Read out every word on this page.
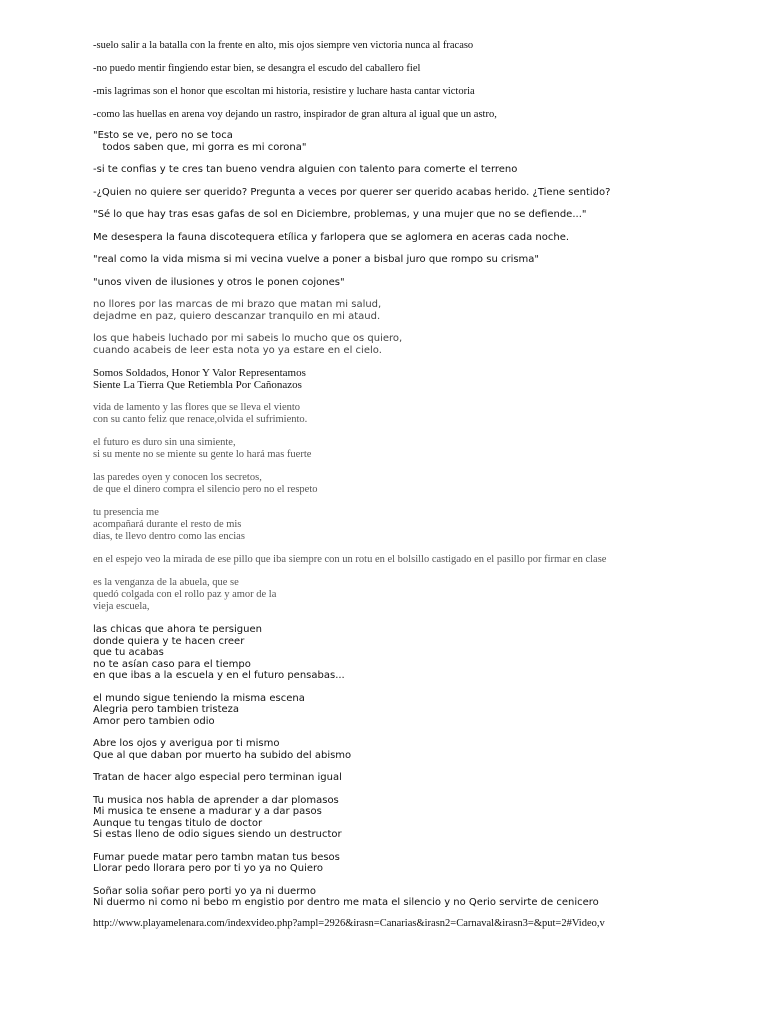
-suelo salir a la batalla con la frente en alto, mis ojos siempre ven victoria nunca al fracaso

-no puedo mentir fingiendo estar bien, se desangra el escudo del caballero fiel

-mis lagrimas son el honor que escoltan mi historia, resistire y luchare hasta cantar victoria

-como las huellas en arena voy dejando un rastro, inspirador de gran altura al igual que un astro,

"Esto se ve, pero no se toca
todos saben que, mi gorra es mi corona"

-si te confias y te cres tan bueno vendra alguien con talento para comerte el terreno

-¿Quien no quiere ser querido? Pregunta a veces por querer ser querido acabas herido. ¿Tiene sentido?

"Sé lo que hay tras esas gafas de sol en Diciembre, problemas, y una mujer que no se defiende..."

Me desespera la fauna discotequera etílica y farlopera que se aglomera en aceras cada noche.

"real como la vida misma si mi vecina vuelve a poner a bisbal juro que rompo su crisma"

"unos viven de ilusiones y otros le ponen cojones"

no llores por las marcas de mi brazo que matan mi salud,
dejadme en paz, quiero descanzar tranquilo en mi ataud.

los que habeis luchado por mi sabeis lo mucho que os quiero,
cuando acabeis de leer esta nota yo ya estare en el cielo.

Somos Soldados, Honor Y Valor Representamos
Siente La Tierra Que Retiembla Por Cañonazos

vida de lamento y las flores que se lleva el viento
con su canto feliz que renace,olvida el sufrimiento.

el futuro es duro sin una simiente,
si su mente no se miente su gente lo hará mas fuerte

las paredes oyen y conocen los secretos,
de que el dinero compra el silencio pero no el respeto

tu presencia me
acompañará durante el resto de mis
dias, te llevo dentro como las encias

en el espejo veo la mirada de ese pillo que iba siempre con un rotu en el bolsillo castigado en el pasillo por firmar en clase

es la venganza de la abuela, que se
quedó colgada con el rollo paz y amor de la
vieja escuela,

las chicas que ahora te persiguen
donde quiera y te hacen creer
que tu acabas
no te asían caso para el tiempo
en que ibas a la escuela y en el futuro pensabas...

el mundo sigue teniendo la misma escena
Alegria pero tambien tristeza
Amor pero tambien odio

Abre los ojos y averigua por ti mismo
Que al que daban por muerto ha subido del abismo

Tratan de hacer algo especial pero terminan igual

Tu musica nos habla de aprender a dar plomasos
Mi musica te ensene a madurar y a dar pasos
Aunque tu tengas titulo de doctor
Si estas lleno de odio sigues siendo un destructor

Fumar puede matar pero tambn matan tus besos
Llorar pedo llorara pero por ti yo ya no Quiero

Soñar solia soñar pero porti yo ya ni duermo
Ni duermo ni como ni bebo m engistio por dentro me mata el silencio y no Qerio servirte de cenicero

http://www.playamelenara.com/indexvideo.php?ampl=2926&irasn=Canarias&irasn2=Carnaval&irasn3=&put=2#Video,v
